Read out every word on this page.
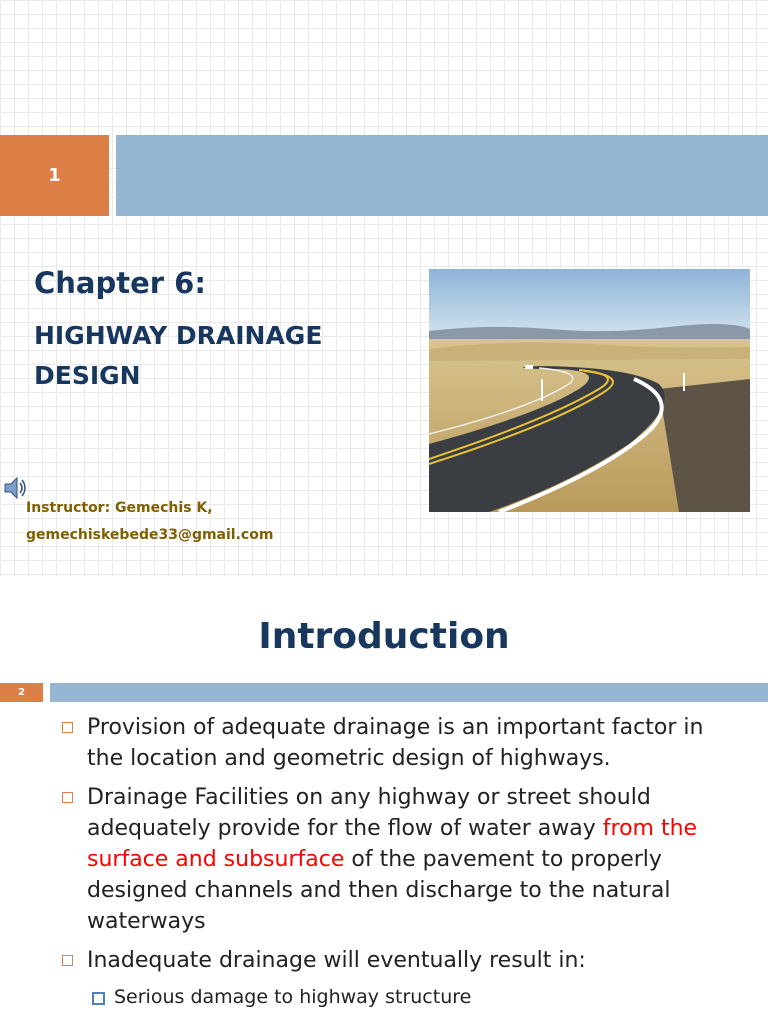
1
Chapter 6:
HIGHWAY DRAINAGE
DESIGN
Instructor: Gemechis K,
gemechiskebede33@gmail.com
Introduction
2
Provision of adequate drainage is an important factor in the location and geometric design of highways.
Drainage Facilities on any highway or street should adequately provide for the flow of water away from the surface and subsurface of the pavement to properly designed channels and then discharge to the natural waterways
Inadequate drainage will eventually result in:
Serious damage to highway structure
